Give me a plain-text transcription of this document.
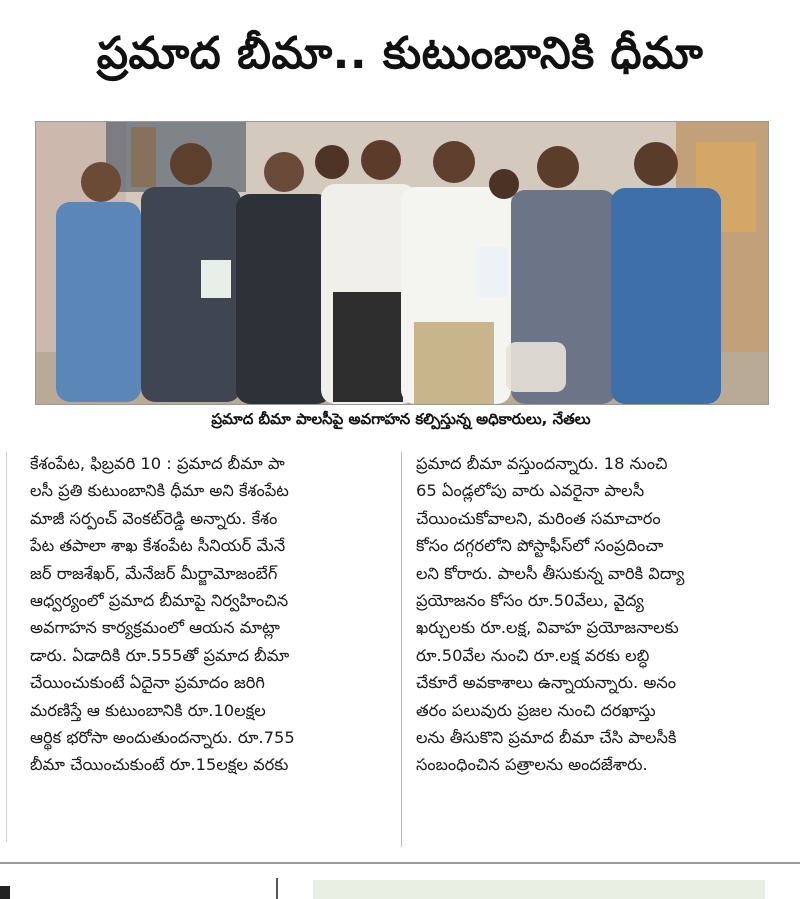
ప్రమాద బీమా.. కుటుంబానికి ధీమా
ప్రమాద బీమా పాలసీపై అవగాహన కల్పిస్తున్న అధికారులు, నేతలు

కేశంపేట, ఫిబ్రవరి 10 : ప్రమాద బీమా పా

లసీ ప్రతి కుటుంబానికి ధీమా అని కేశంపేట

మాజీ సర్పంచ్ వెంకట్‌రెడ్డి అన్నారు. కేశం

పేట తపాలా శాఖ కేశంపేట సీనియర్ మేనే

జర్ రాజశేఖర్, మేనేజర్ మీర్జామోజంబేగ్

ఆధ్వర్యంలో ప్రమాద బీమాపై నిర్వహించిన

అవగాహన కార్యక్రమంలో ఆయన మాట్లా

డారు. ఏడాదికి రూ.555తో ప్రమాద బీమా

చేయించుకుంటే ఏదైనా ప్రమాదం జరిగి

మరణిస్తే ఆ కుటుంబానికి రూ.10లక్షల

ఆర్థిక భరోసా అందుతుందన్నారు. రూ.755

బీమా చేయించుకుంటే రూ.15లక్షల వరకు

ప్రమాద బీమా వస్తుందన్నారు. 18 నుంచి

65 ఏండ్లలోపు వారు ఎవరైనా పాలసీ

చేయించుకోవాలని, మరింత సమాచారం

కోసం దగ్గరలోని పోస్టాఫీస్‌లో సంప్రదించా

లని కోరారు. పాలసీ తీసుకున్న వారికి విద్యా

ప్రయోజనం కోసం రూ.50వేలు, వైద్య

ఖర్చులకు రూ.లక్ష, వివాహ ప్రయోజనాలకు

రూ.50వేల నుంచి రూ.లక్ష వరకు లబ్ధి

చేకూరే అవకాశాలు ఉన్నాయన్నారు. అనం

తరం పలువురు ప్రజల నుంచి దరఖాస్తు

లను తీసుకొని ప్రమాద బీమా చేసి పాలసీకి

సంబంధించిన పత్రాలను అందజేశారు.
